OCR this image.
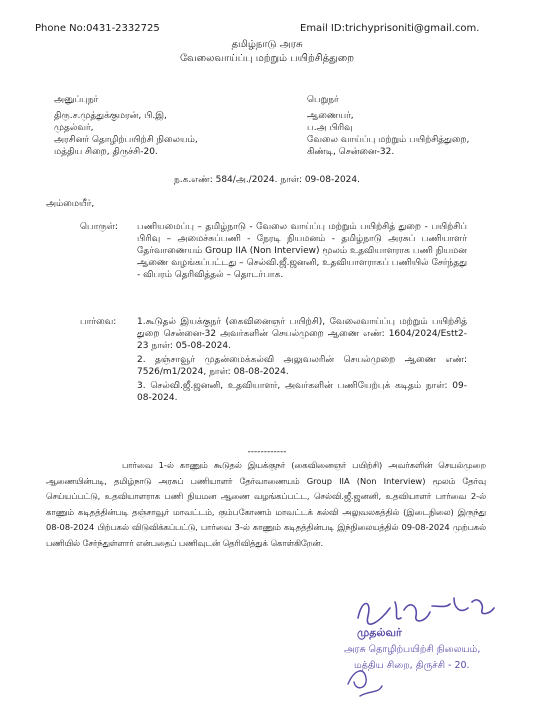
Phone No:0431-2332725	Email ID:trichyprisoniti@gmail.com.
தமிழ்நாடு அரசு
வேலைவாய்ப்பு மற்றும் பயிற்சித்துறை
அனுப்புநர்
திரு.ச.முத்துக்குமரன், பி.இ,
முதல்வர்,
அரசினர் தொழிற்பயிற்சி நிலையம்,
மத்திய சிறை, திருச்சி-20.
பெறுநர்
ஆணையர்,
ப.அ பிரிவு
வேலை வாய்ப்பு மற்றும் பயிற்சித்துறை,
கிண்டி, சென்னை-32.
ந.க.எண்: 584/அ./2024. நாள்: 09-08-2024.
அம்மையீர்,
பொருள்: பணியமைப்பு – தமிழ்நாடு - வேலை வாய்ப்பு மற்றும் பயிற்சித் துறை - பயிற்சிப் பிரிவு – அமைச்சுப்பணி - நேரடி நியமனம் - தமிழ்நாடு அரசுப் பணியாளர் தேர்வாணையம் Group IIA (Non Interview) மூலம் உதவியாளராக பணி நியமன ஆணை வழங்கப்பட்டது – செல்வி.ஜீ.ஜனனி, உதவியாளராகப் பணியில் சேர்ந்தது - விபரம் தெரிவித்தல் – தொடர்பாக.
பார்வை: 1.கூடுதல் இயக்குநர் (கைவினைஞர் பயிற்சி), வேலைவாய்ப்பு மற்றும் பயிற்சித் துறை சென்னை-32 அவர்களின் செயல்முறை ஆணை எண்: 1604/2024/Estt2-23 நாள்: 05-08-2024.
2. தஞ்சாவூர் முதன்மைக்கல்வி அலுவலரின் செயல்முறை ஆணை எண்: 7526/m1/2024, நாள்: 08-08-2024.
3. செல்வி.ஜீ.ஜனனி, உதவியாளர், அவர்களின் பணியேற்புக் கடிதம் நாள்: 09-08-2024.
------------
பார்வை 1-ல் காணும் கூடுதல் இயக்குநர் (கைவினைஞர் பயிற்சி) அவர்களின் செயல்முறை ஆணையின்படி, தமிழ்நாடு அரசுப் பணியாளர் தேர்வாணையம் Group IIA (Non Interview) மூலம் தேர்வு செய்யப்பட்டு, உதவியாளராக பணி நியமன ஆணை வழங்கப்பட்ட, செல்வி.ஜீ.ஜனனி, உதவியாளர் பார்வை 2-ல் காணும் கடிதத்தின்படி தஞ்சாவூர் மாவட்டம், கும்பகோணம் மாவட்டக் கல்வி அலுவலகத்தில் (இடைநிலை) இருந்து 08-08-2024 பிற்பகல் விடுவிக்கப்பட்டு, பார்வை 3-ல் காணும் கடிதத்தின்படி இந்நிலையத்தில் 09-08-2024 முற்பகல் பணியில் சேர்ந்துள்ளார் என்பதைப் பணிவுடன் தெரிவித்துக் கொள்கிறேன்.
முதல்வர்
அரசு தொழிற்பயிற்சி நிலையம்,
மத்திய சிறை, திருச்சி - 20.
